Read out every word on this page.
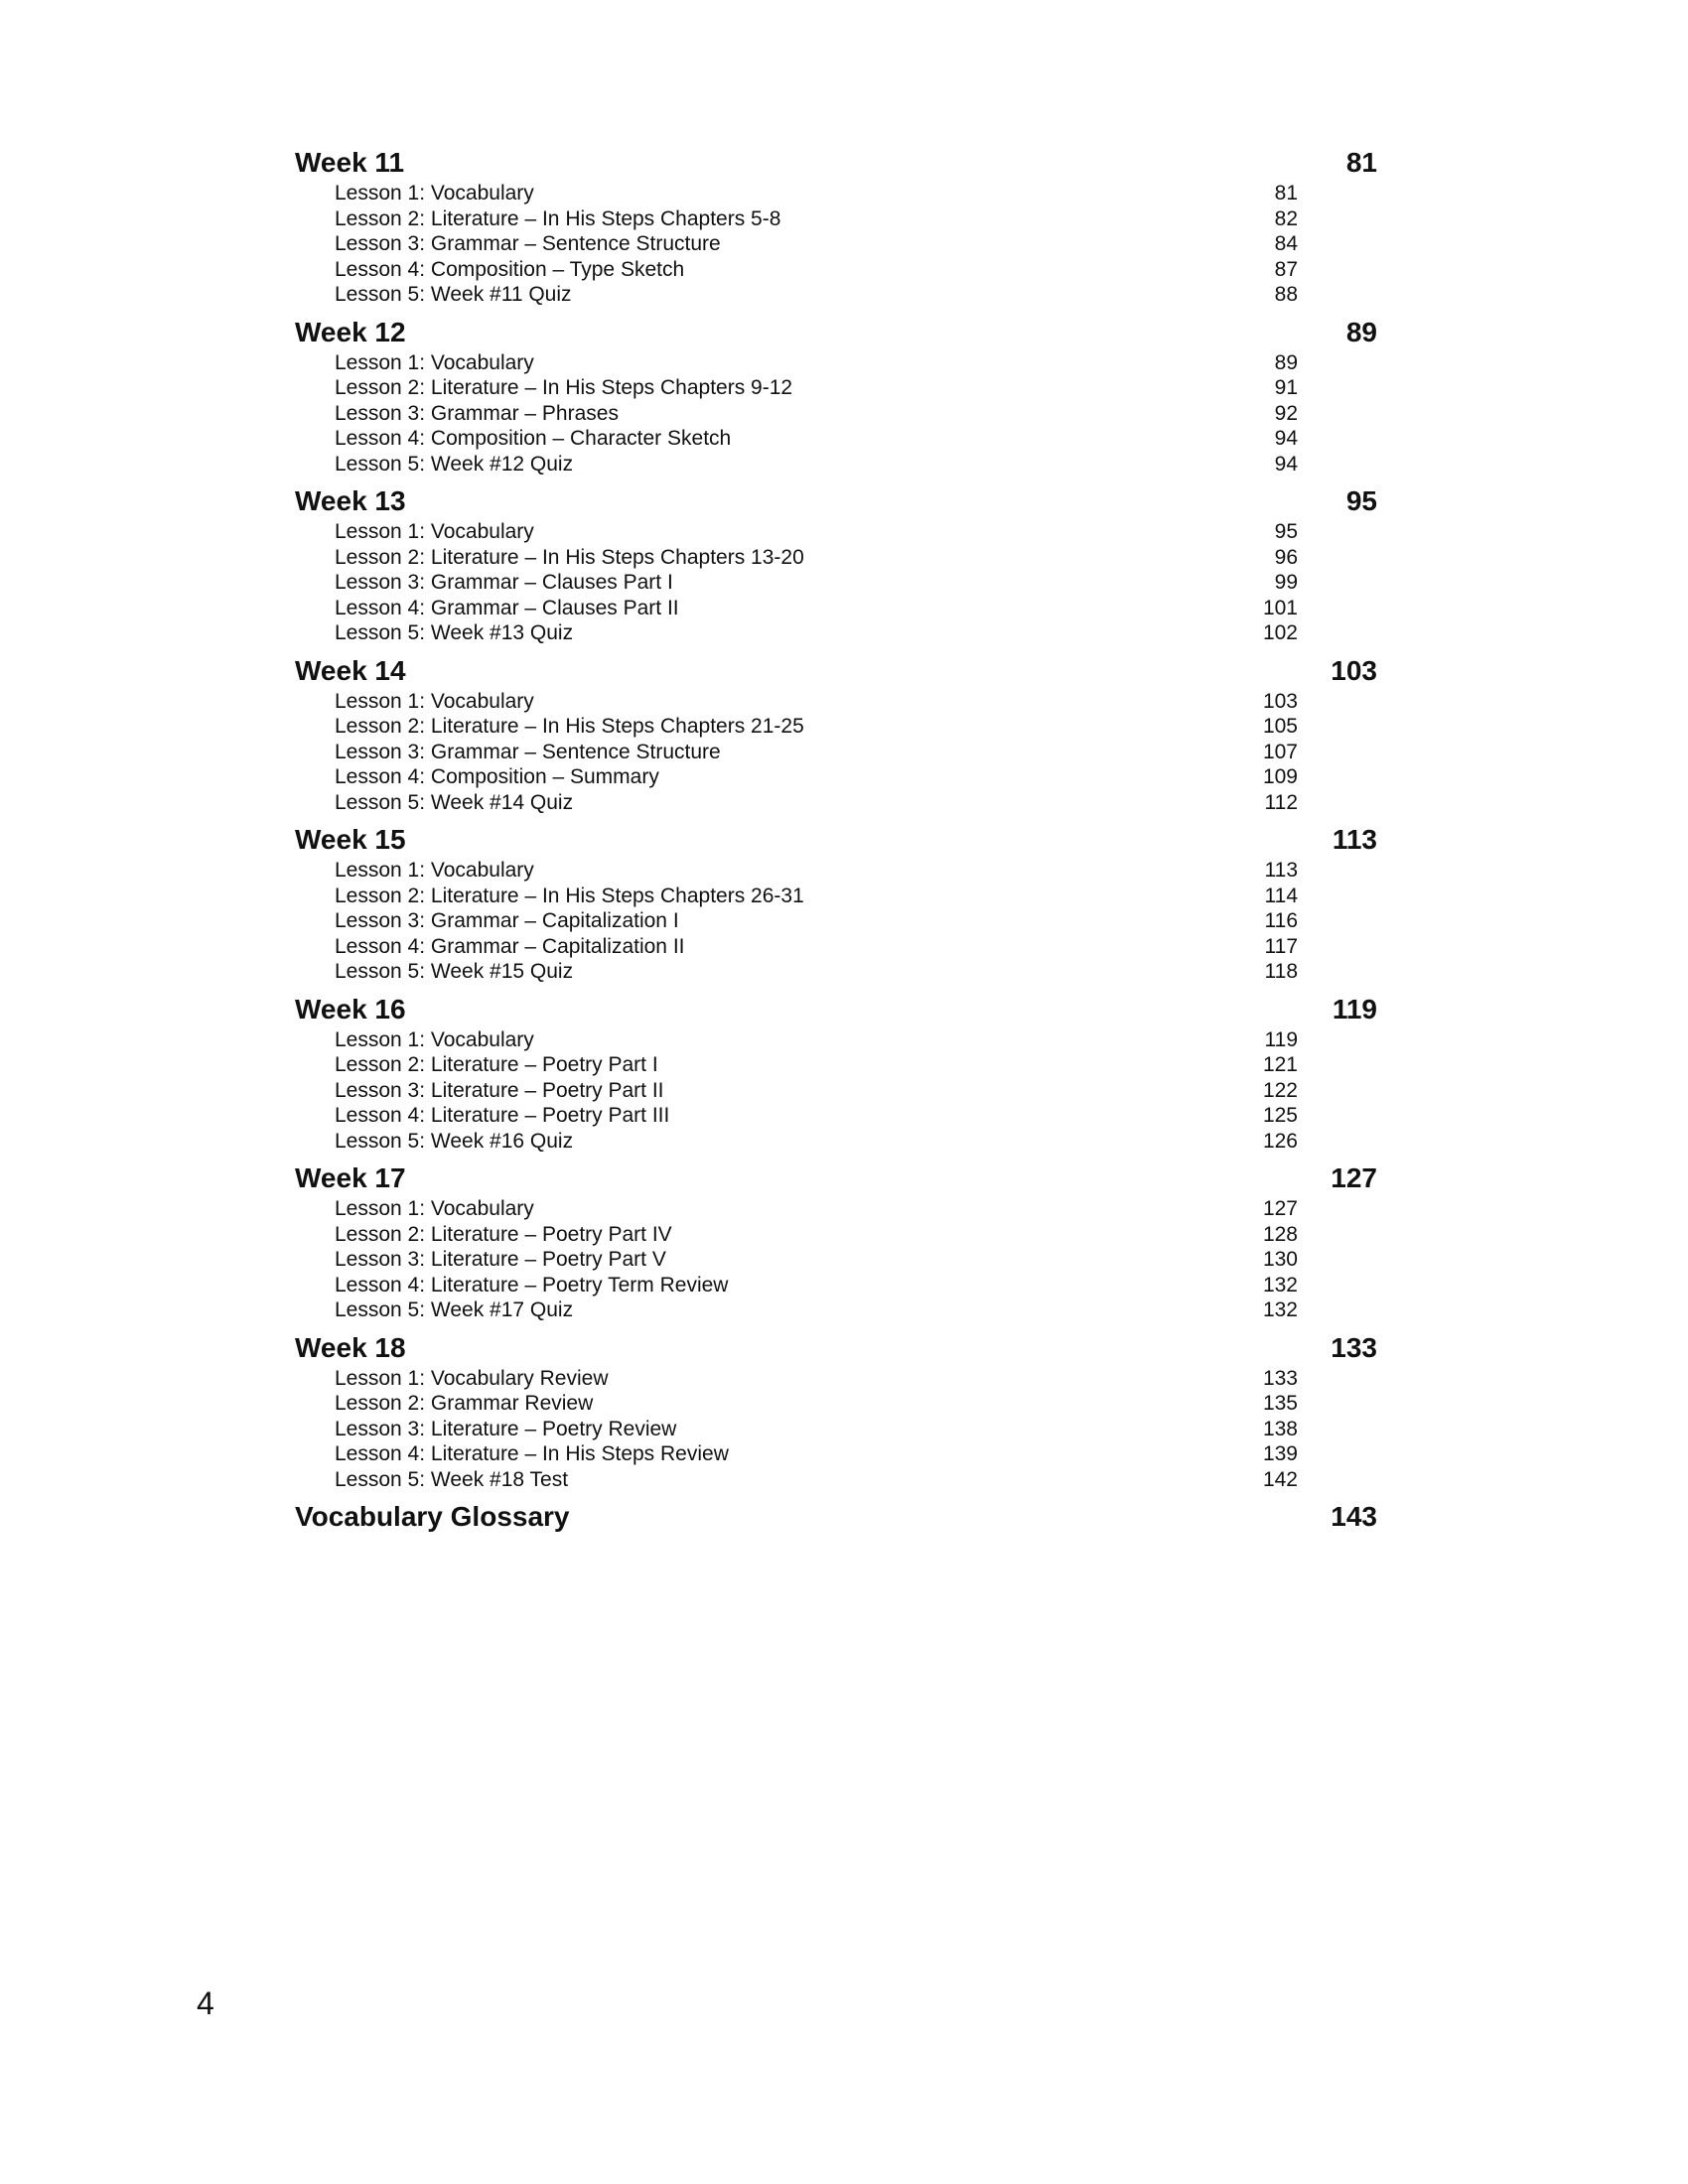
Week 11	81
Lesson 1: Vocabulary	81
Lesson 2: Literature – In His Steps Chapters 5-8	82
Lesson 3: Grammar – Sentence Structure	84
Lesson 4: Composition – Type Sketch	87
Lesson 5: Week #11 Quiz	88
Week 12	89
Lesson 1: Vocabulary	89
Lesson 2: Literature – In His Steps Chapters 9-12	91
Lesson 3: Grammar – Phrases	92
Lesson 4: Composition – Character Sketch	94
Lesson 5: Week #12 Quiz	94
Week 13	95
Lesson 1: Vocabulary	95
Lesson 2: Literature – In His Steps Chapters 13-20	96
Lesson 3: Grammar – Clauses Part I	99
Lesson 4: Grammar – Clauses Part II	101
Lesson 5: Week #13 Quiz	102
Week 14	103
Lesson 1: Vocabulary	103
Lesson 2: Literature – In His Steps Chapters 21-25	105
Lesson 3: Grammar – Sentence Structure	107
Lesson 4: Composition – Summary	109
Lesson 5: Week #14 Quiz	112
Week 15	113
Lesson 1: Vocabulary	113
Lesson 2: Literature – In His Steps Chapters 26-31	114
Lesson 3: Grammar – Capitalization I	116
Lesson 4: Grammar – Capitalization II	117
Lesson 5: Week #15 Quiz	118
Week 16	119
Lesson 1: Vocabulary	119
Lesson 2: Literature – Poetry Part I	121
Lesson 3: Literature – Poetry Part II	122
Lesson 4: Literature – Poetry Part III	125
Lesson 5: Week #16 Quiz	126
Week 17	127
Lesson 1: Vocabulary	127
Lesson 2: Literature – Poetry Part IV	128
Lesson 3: Literature – Poetry Part V	130
Lesson 4: Literature – Poetry Term Review	132
Lesson 5: Week #17 Quiz	132
Week 18	133
Lesson 1: Vocabulary Review	133
Lesson 2: Grammar Review	135
Lesson 3: Literature – Poetry Review	138
Lesson 4: Literature – In His Steps Review	139
Lesson 5: Week #18 Test	142
Vocabulary Glossary	143
4
